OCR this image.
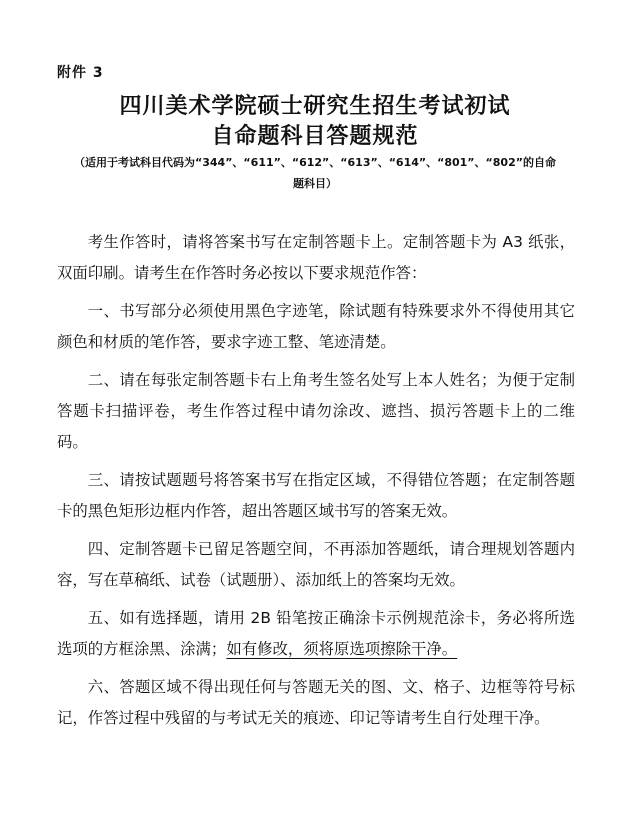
附件 3
四川美术学院硕士研究生招生考试初试
自命题科目答题规范
（适用于考试科目代码为“344”、“611”、“612”、“613”、“614”、“801”、“802”的自命题科目）

考生作答时，请将答案书写在定制答题卡上。定制答题卡为 A3 纸张，双面印刷。请考生在作答时务必按以下要求规范作答：

一、书写部分必须使用黑色字迹笔，除试题有特殊要求外不得使用其它颜色和材质的笔作答，要求字迹工整、笔迹清楚。

二、请在每张定制答题卡右上角考生签名处写上本人姓名；为便于定制答题卡扫描评卷，考生作答过程中请勿涂改、遮挡、损污答题卡上的二维码。

三、请按试题题号将答案书写在指定区域，不得错位答题；在定制答题卡的黑色矩形边框内作答，超出答题区域书写的答案无效。

四、定制答题卡已留足答题空间，不再添加答题纸，请合理规划答题内容，写在草稿纸、试卷（试题册）、添加纸上的答案均无效。

五、如有选择题，请用 2B 铅笔按正确涂卡示例规范涂卡，务必将所选选项的方框涂黑、涂满；如有修改，须将原选项擦除干净。

六、答题区域不得出现任何与答题无关的图、文、格子、边框等符号标记，作答过程中残留的与考试无关的痕迹、印记等请考生自行处理干净。
